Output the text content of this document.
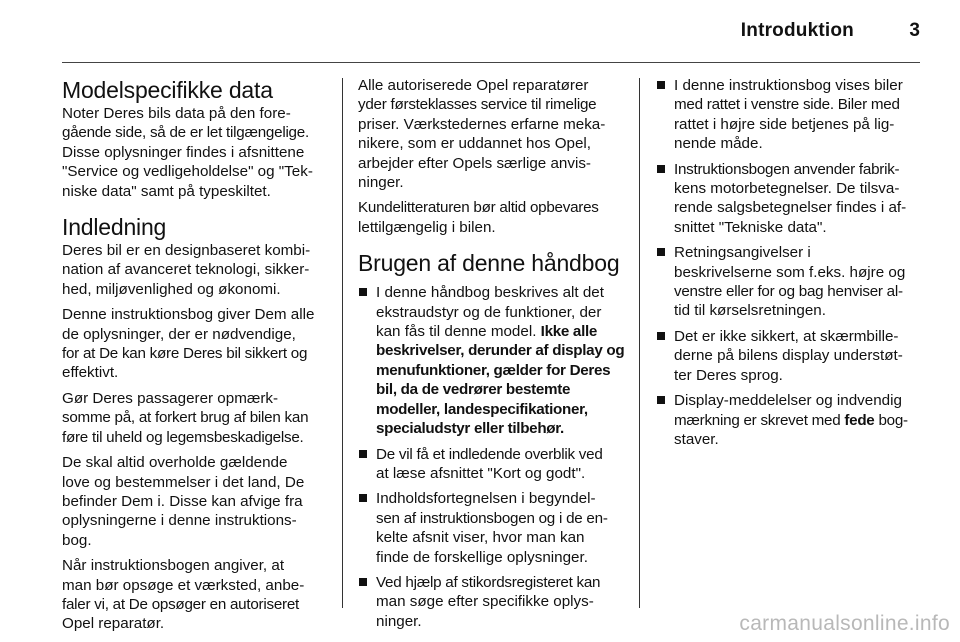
Introduktion	3
Modelspecifikke data

Noter Deres bils data på den fore-
gående side, så de er let tilgængelige.
Disse oplysninger findes i afsnittene
"Service og vedligeholdelse" og "Tek-
niske data" samt på typeskiltet.

Indledning

Deres bil er en designbaseret kombi-
nation af avanceret teknologi, sikker-
hed, miljøvenlighed og økonomi.

Denne instruktionsbog giver Dem alle
de oplysninger, der er nødvendige,
for at De kan køre Deres bil sikkert og
effektivt.

Gør Deres passagerer opmærk-
somme på, at forkert brug af bilen kan
føre til uheld og legemsbeskadigelse.

De skal altid overholde gældende
love og bestemmelser i det land, De
befinder Dem i. Disse kan afvige fra
oplysningerne i denne instruktions-
bog.

Når instruktionsbogen angiver, at
man bør opsøge et værksted, anbe-
faler vi, at De opsøger en autoriseret
Opel reparatør.

Alle autoriserede Opel reparatører
yder førsteklasses service til rimelige
priser. Værkstedernes erfarne meka-
nikere, som er uddannet hos Opel,
arbejder efter Opels særlige anvis-
ninger.

Kundelitteraturen bør altid opbevares
lettilgængelig i bilen.

Brugen af denne håndbog
I denne håndbog beskrives alt det
ekstraudstyr og de funktioner, der
kan fås til denne model. Ikke alle
beskrivelser, derunder af display og
menufunktioner, gælder for Deres
bil, da de vedrører bestemte
modeller, landespecifikationer,
specialudstyr eller tilbehør.
De vil få et indledende overblik ved
at læse afsnittet "Kort og godt".
Indholdsfortegnelsen i begyndel-
sen af instruktionsbogen og i de en-
kelte afsnit viser, hvor man kan
finde de forskellige oplysninger.
Ved hjælp af stikordsregisteret kan
man søge efter specifikke oplys-
ninger.
I denne instruktionsbog vises biler
med rattet i venstre side. Biler med
rattet i højre side betjenes på lig-
nende måde.
Instruktionsbogen anvender fabrik-
kens motorbetegnelser. De tilsva-
rende salgsbetegnelser findes i af-
snittet "Tekniske data".
Retningsangivelser i
beskrivelserne som f.eks. højre og
venstre eller for og bag henviser al-
tid til kørselsretningen.
Det er ikke sikkert, at skærmbille-
derne på bilens display understøt-
ter Deres sprog.
Display-meddelelser og indvendig
mærkning er skrevet med fede bog-
staver.
carmanualsonline.info
